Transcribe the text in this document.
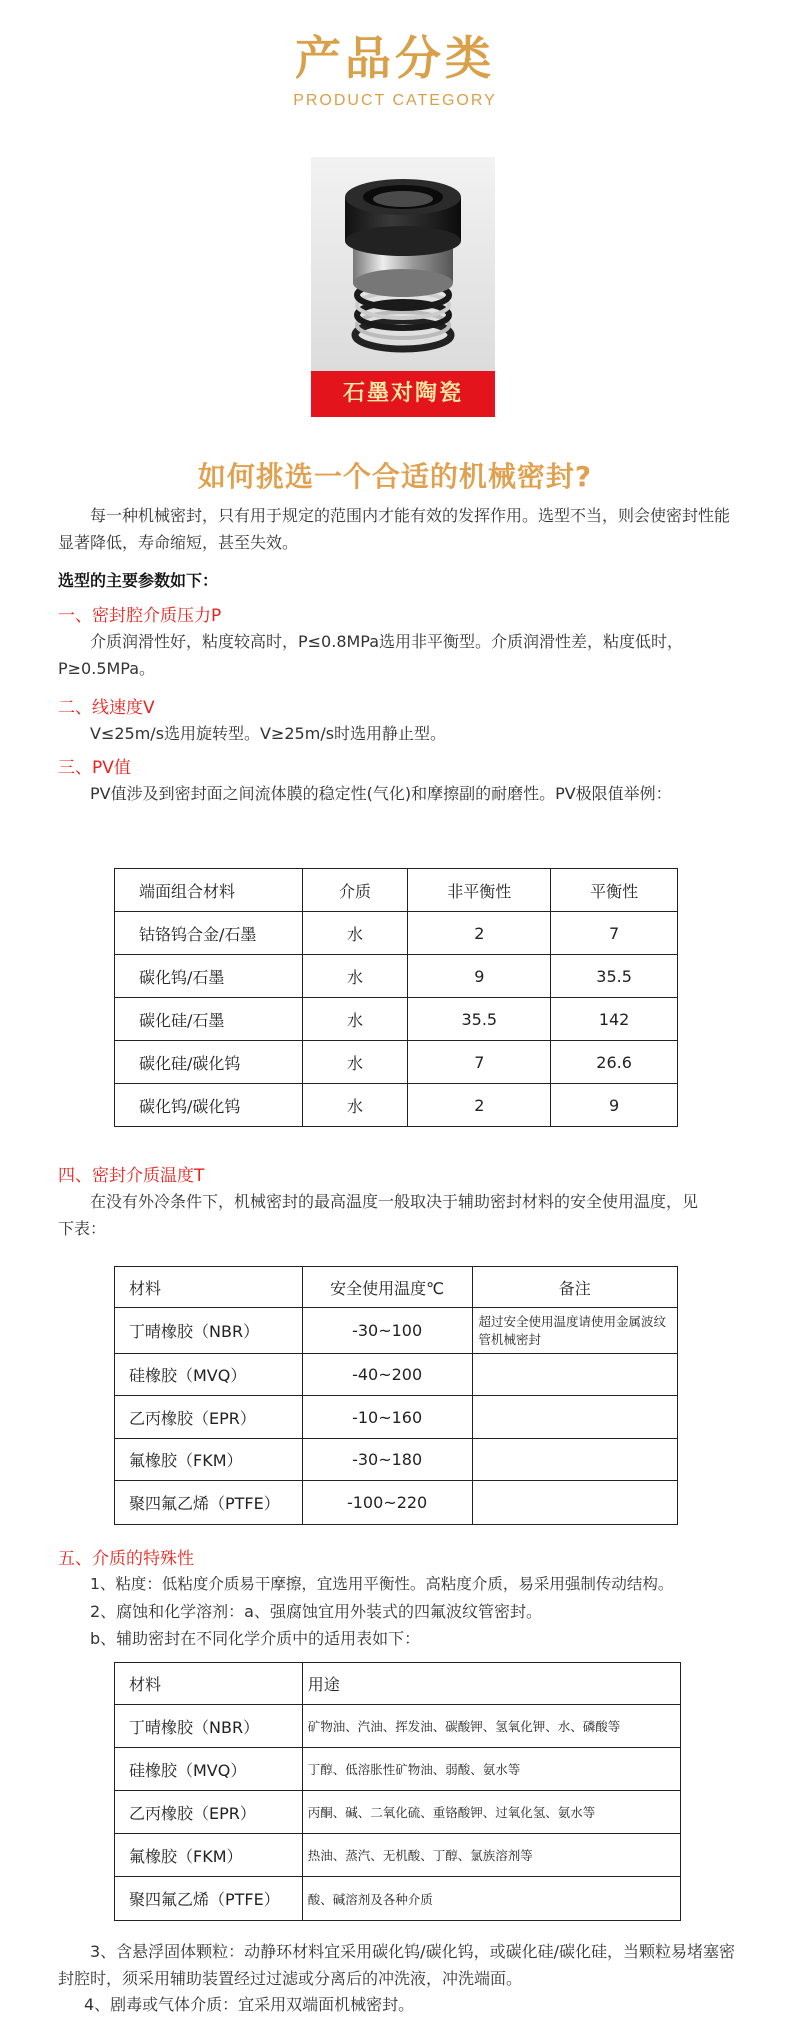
产品分类
PRODUCT CATEGORY
石墨对陶瓷
如何挑选一个合适的机械密封?
每一种机械密封，只有用于规定的范围内才能有效的发挥作用。选型不当，则会使密封性能显著降低，寿命缩短，甚至失效。
选型的主要参数如下：
一、密封腔介质压力P
介质润滑性好，粘度较高时，P≤0.8MPa选用非平衡型。介质润滑性差，粘度低时，P≥0.5MPa。
二、线速度V
V≤25m/s选用旋转型。V≥25m/s时选用静止型。
三、PV值
PV值涉及到密封面之间流体膜的稳定性(气化)和摩擦副的耐磨性。PV极限值举例：
端面组合材料	介质	非平衡性	平衡性
钴铬钨合金/石墨	水	2	7
碳化钨/石墨	水	9	35.5
碳化硅/石墨	水	35.5	142
碳化硅/碳化钨	水	7	26.6
碳化钨/碳化钨	水	2	9
四、密封介质温度T
在没有外冷条件下，机械密封的最高温度一般取决于辅助密封材料的安全使用温度，见下表：
材料	安全使用温度℃	备注
丁晴橡胶（NBR）	-30~100	超过安全使用温度请使用金属波纹管机械密封
硅橡胶（MVQ）	-40~200	
乙丙橡胶（EPR）	-10~160	
氟橡胶（FKM）	-30~180	
聚四氟乙烯（PTFE）	-100~220	
五、介质的特殊性
1、粘度：低粘度介质易干摩擦，宜选用平衡性。高粘度介质，易采用强制传动结构。
2、腐蚀和化学溶剂：a、强腐蚀宜用外装式的四氟波纹管密封。
b、辅助密封在不同化学介质中的适用表如下：
材料	用途
丁晴橡胶（NBR）	矿物油、汽油、挥发油、碳酸钾、氢氧化钾、水、磷酸等
硅橡胶（MVQ）	丁醇、低溶胀性矿物油、弱酸、氨水等
乙丙橡胶（EPR）	丙酮、碱、二氧化硫、重铬酸钾、过氧化氢、氨水等
氟橡胶（FKM）	热油、蒸汽、无机酸、丁醇、氯族溶剂等
聚四氟乙烯（PTFE）	酸、碱溶剂及各种介质
3、含悬浮固体颗粒：动静环材料宜采用碳化钨/碳化钨，或碳化硅/碳化硅，当颗粒易堵塞密封腔时，须采用辅助装置经过过滤或分离后的冲洗液，冲洗端面。
4、剧毒或气体介质：宜采用双端面机械密封。
